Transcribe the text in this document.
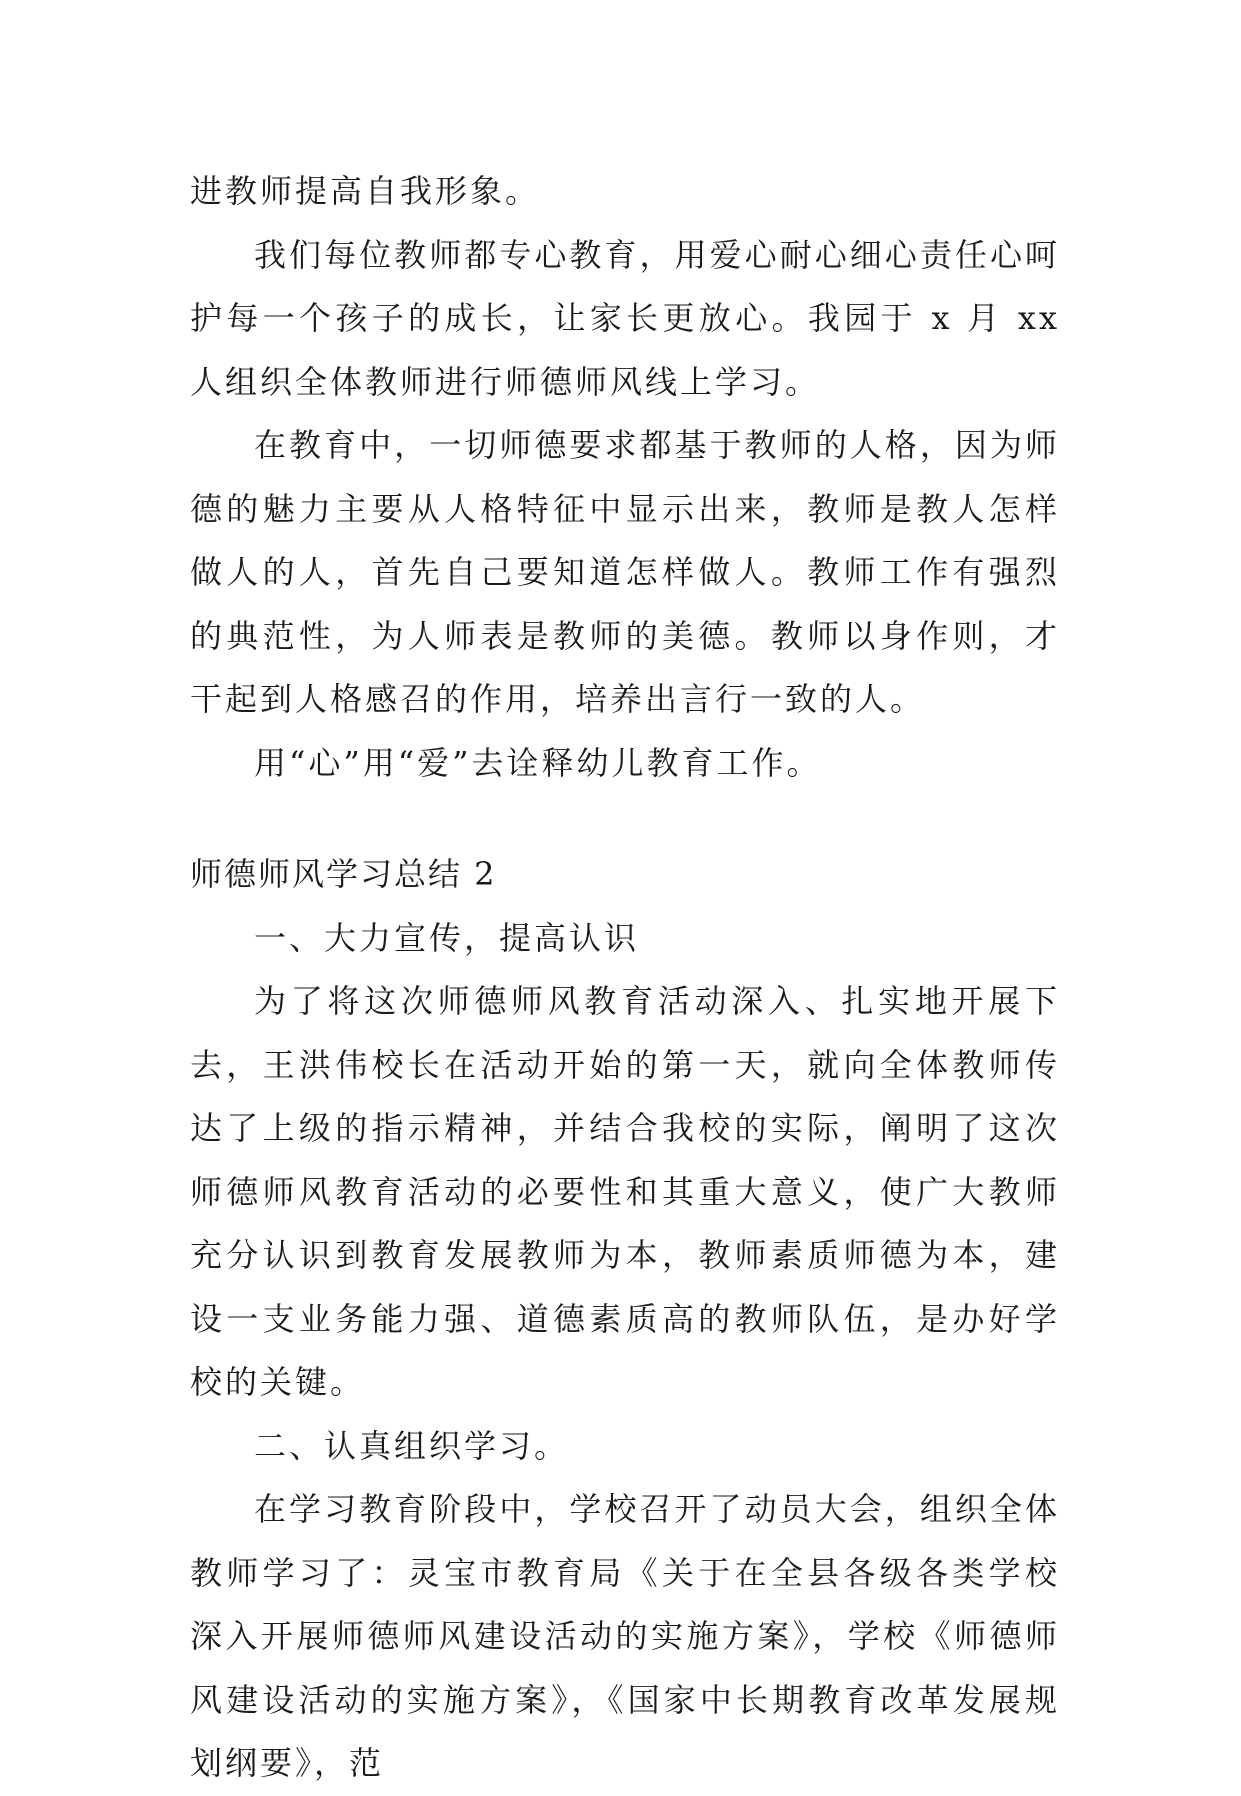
进教师提高自我形象。

我们每位教师都专心教育，用爱心耐心细心责任心呵护每一个孩子的成长，让家长更放心。我园于 x 月 xx 人组织全体教师进行师德师风线上学习。

在教育中，一切师德要求都基于教师的人格，因为师德的魅力主要从人格特征中显示出来，教师是教人怎样做人的人，首先自己要知道怎样做人。教师工作有强烈的典范性，为人师表是教师的美德。教师以身作则，才干起到人格感召的作用，培养出言行一致的人。

用“心”用“爱”去诠释幼儿教育工作。

师德师风学习总结 2

一、大力宣传，提高认识

为了将这次师德师风教育活动深入、扎实地开展下去，王洪伟校长在活动开始的第一天，就向全体教师传达了上级的指示精神，并结合我校的实际，阐明了这次师德师风教育活动的必要性和其重大意义，使广大教师充分认识到教育发展教师为本，教师素质师德为本，建设一支业务能力强、道德素质高的教师队伍，是办好学校的关键。

二、认真组织学习。

在学习教育阶段中，学校召开了动员大会，组织全体教师学习了：灵宝市教育局《关于在全县各级各类学校深入开展师德师风建设活动的实施方案》，学校《师德师风建设活动的实施方案》，《国家中长期教育改革发展规划纲要》，范
